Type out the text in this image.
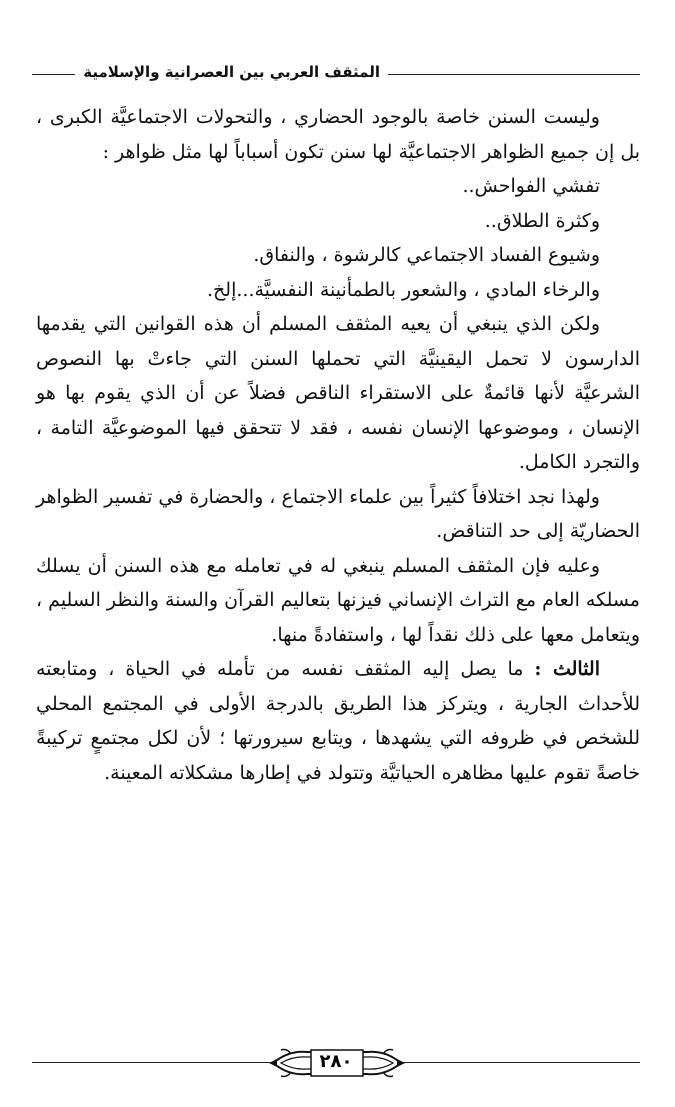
المثقف العربي بين العصرانية والإسلامية

وليست السنن خاصة بالوجود الحضاري ، والتحولات الاجتماعيَّة الكبرى ، بل إن جميع الظواهر الاجتماعيَّة لها سنن تكون أسباباً لها مثل ظواهر :

تفشي الفواحش..

وكثرة الطلاق..

وشيوع الفساد الاجتماعي كالرشوة ، والنفاق.

والرخاء المادي ، والشعور بالطمأنينة النفسيَّة...إلخ.

ولكن الذي ينبغي أن يعيه المثقف المسلم أن هذه القوانين التي يقدمها الدارسون لا تحمل اليقينيَّة التي تحملها السنن التي جاءتْ بها النصوص الشرعيَّة لأنها قائمةٌ على الاستقراء الناقص فضلاً عن أن الذي يقوم بها هو الإنسان ، وموضوعها الإنسان نفسه ، فقد لا تتحقق فيها الموضوعيَّة التامة ، والتجرد الكامل.

ولهذا نجد اختلافاً كثيراً بين علماء الاجتماع ، والحضارة في تفسير الظواهر الحضاريّة إلى حد التناقض.

وعليه فإن المثقف المسلم ينبغي له في تعامله مع هذه السنن أن يسلك مسلكه العام مع التراث الإنساني فيزنها بتعاليم القرآن والسنة والنظر السليم ، ويتعامل معها على ذلك نقداً لها ، واستفادةً منها.

الثالث : ما يصل إليه المثقف نفسه من تأمله في الحياة ، ومتابعته للأحداث الجارية ، ويتركز هذا الطريق بالدرجة الأولى في المجتمع المحلي للشخص في ظروفه التي يشهدها ، ويتابع سيرورتها ؛ لأن لكل مجتمعٍ تركيبةً خاصةً تقوم عليها مظاهره الحياتيَّة وتتولد في إطارها مشكلاته المعينة.

٢٨٠
